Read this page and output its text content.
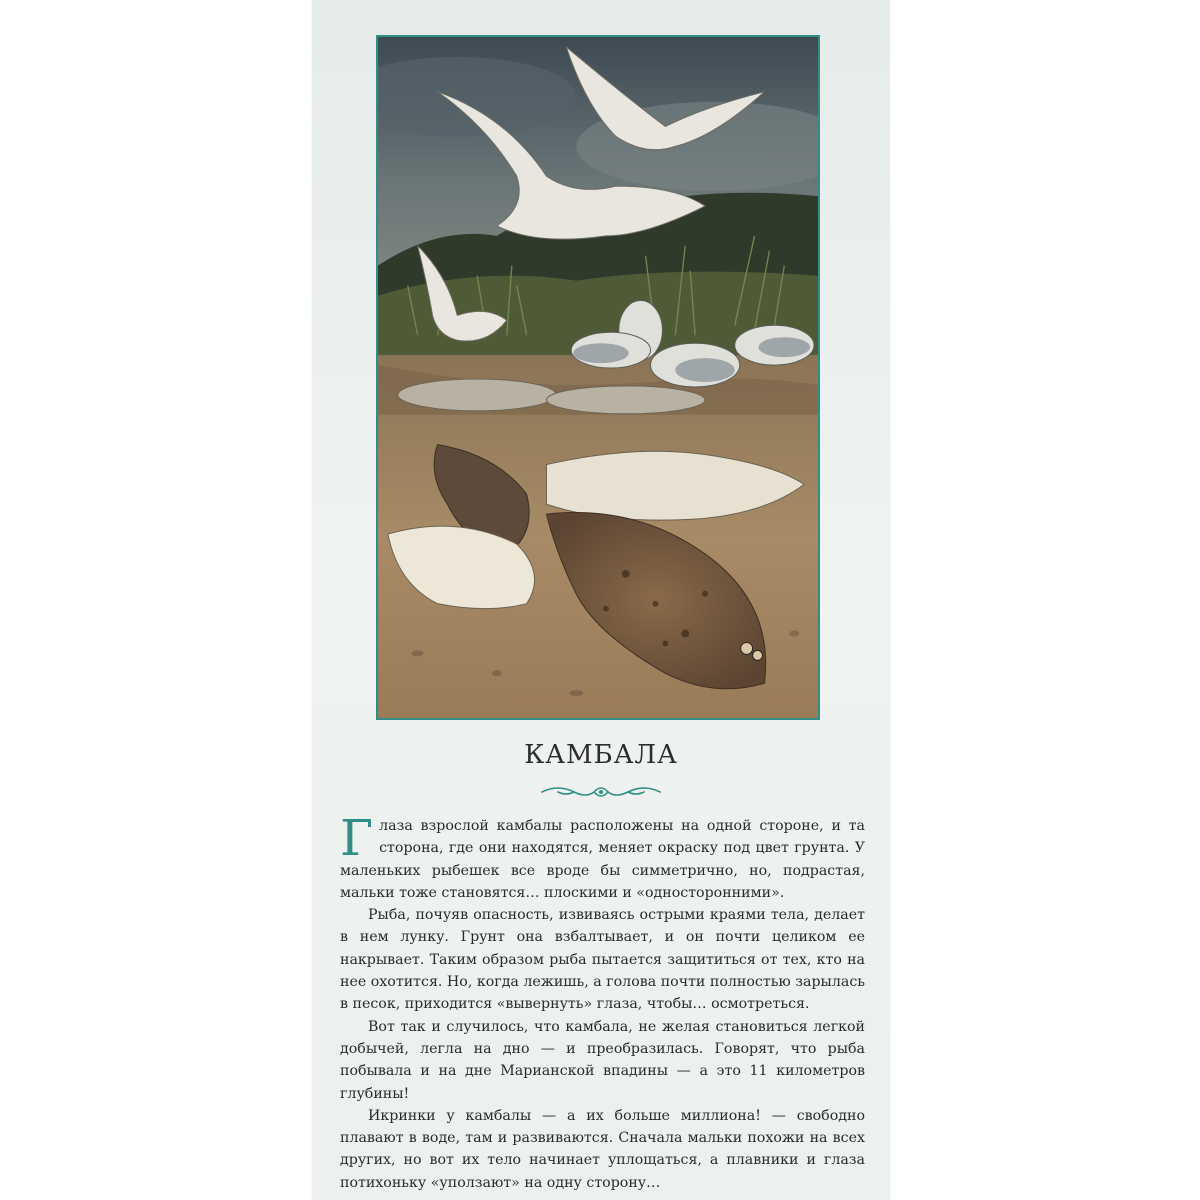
КАМБАЛА

Глаза взрослой камбалы расположены на одной стороне, и та сторона, где они находятся, меняет окраску под цвет грунта. У маленьких рыбешек все вроде бы симметрично, но, подрастая, мальки тоже становятся… плоскими и «односторонними».

Рыба, почуяв опасность, извиваясь острыми краями тела, делает в нем лунку. Грунт она взбалтывает, и он почти целиком ее накрывает. Таким образом рыба пытается защититься от тех, кто на нее охотится. Но, когда лежишь, а голова почти полностью зарылась в песок, приходится «вывернуть» глаза, чтобы… осмотреться.

Вот так и случилось, что камбала, не желая становиться легкой добычей, легла на дно — и преобразилась. Говорят, что рыба побывала и на дне Марианской впадины — а это 11 километров глубины!

Икринки у камбалы — а их больше миллиона! — свободно плавают в воде, там и развиваются. Сначала мальки похожи на всех других, но вот их тело начинает уплощаться, а плавники и глаза потихоньку «уползают» на одну сторону…
